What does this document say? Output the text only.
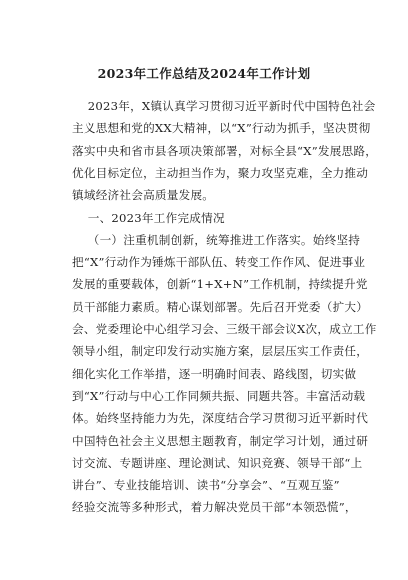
2023年工作总结及2024年工作计划
2023年，X镇认真学习贯彻习近平新时代中国特色社会
主义思想和党的XX大精神，以“X”行动为抓手，坚决贯彻
落实中央和省市县各项决策部署，对标全县“X”发展思路，
优化目标定位，主动担当作为，聚力攻坚克难，全力推动
镇域经济社会高质量发展。
一、2023年工作完成情况
（一）注重机制创新，统筹推进工作落实。始终坚持
把“X”行动作为锤炼干部队伍、转变工作作风、促进事业
发展的重要载体，创新“1+X+N”工作机制，持续提升党
员干部能力素质。精心谋划部署。先后召开党委（扩大）
会、党委理论中心组学习会、三级干部会议X次，成立工作
领导小组，制定印发行动实施方案，层层压实工作责任，
细化实化工作举措，逐一明确时间表、路线图，切实做
到“X”行动与中心工作同频共振、同题共答。丰富活动载
体。始终坚持能力为先，深度结合学习贯彻习近平新时代
中国特色社会主义思想主题教育，制定学习计划，通过研
讨交流、专题讲座、理论测试、知识竞赛、领导干部“上
讲台”、专业技能培训、读书“分享会”、“互观互鉴”
经验交流等多种形式，着力解决党员干部“本领恐慌”，
